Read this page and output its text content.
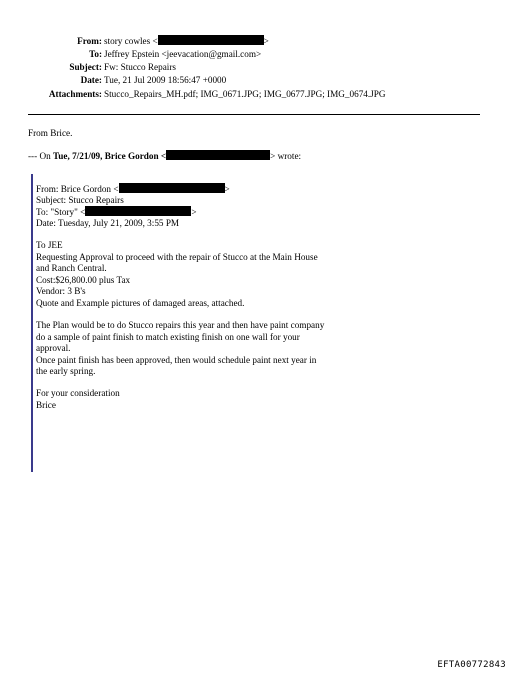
From: story cowles <	>
To: Jeffrey Epstein <jeevacation@gmail.com>
Subject: Fw: Stucco Repairs
Date: Tue, 21 Jul 2009 18:56:47 +0000
Attachments: Stucco_Repairs_MH.pdf; IMG_0671.JPG; IMG_0677.JPG; IMG_0674.JPG
From Brice.
--- On Tue, 7/21/09, Brice Gordon <	> wrote:
From: Brice Gordon <	>
Subject: Stucco Repairs
To: "Story" <	>
Date: Tuesday, July 21, 2009, 3:55 PM
To JEE
Requesting Approval to proceed with the repair of Stucco at the Main House
and Ranch Central.
Cost:$26,800.00 plus Tax
Vendor: 3 B's
Quote and Example pictures of damaged areas, attached.
The Plan would be to do Stucco repairs this year and then have paint company
do a sample of paint finish to match existing finish on one wall for your
approval.
Once paint finish has been approved, then would schedule paint next year in
the early spring.
For your consideration
Brice
EFTA00772843
